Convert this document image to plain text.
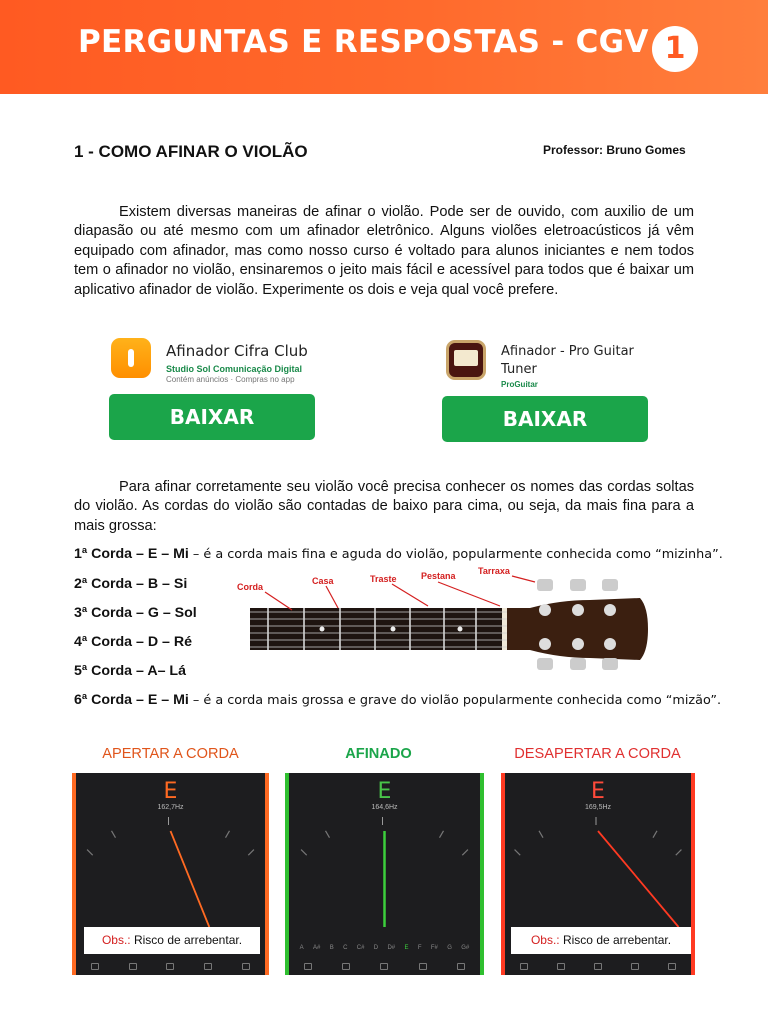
PERGUNTAS E RESPOSTAS - CGV 1
1 - COMO AFINAR O VIOLÃO	Professor: Bruno Gomes
Existem diversas maneiras de afinar o violão. Pode ser de ouvido, com auxilio de um diapasão ou até mesmo com um afinador eletrônico. Alguns violões eletroacústicos já vêm equipado com afinador, mas como nosso curso é voltado para alunos iniciantes e nem todos tem o afinador no violão, ensinaremos o jeito mais fácil e acessível para todos que é baixar um aplicativo afinador de violão. Experimente os dois e veja qual você prefere.
Afinador Cifra Club
Studio Sol Comunicação Digital
Contém anúncios · Compras no app
BAIXAR
Afinador - Pro Guitar Tuner
ProGuitar
BAIXAR
Para afinar corretamente seu violão você precisa conhecer os nomes das cordas soltas do violão. As cordas do violão são contadas de baixo para cima, ou seja, da mais fina para a mais grossa:
1ª Corda – E – Mi – é a corda mais fina e aguda do violão, popularmente conhecida como “mizinha”.
2ª Corda – B – Si
3ª Corda – G – Sol
4ª Corda – D – Ré
5ª Corda – A– Lá
6ª Corda – E – Mi – é a corda mais grossa e grave do violão popularmente conhecida como “mizão”.
Corda
Casa	Traste	Pestana Tarraxa
APERTAR A CORDA	AFINADO	DESAPERTAR A CORDA
E
162,7Hz
Obs.: Risco de arrebentar.
E
164,6Hz
A A# B C C# D D# E F F# G G#
E
169,5Hz
Obs.: Risco de arrebentar.
